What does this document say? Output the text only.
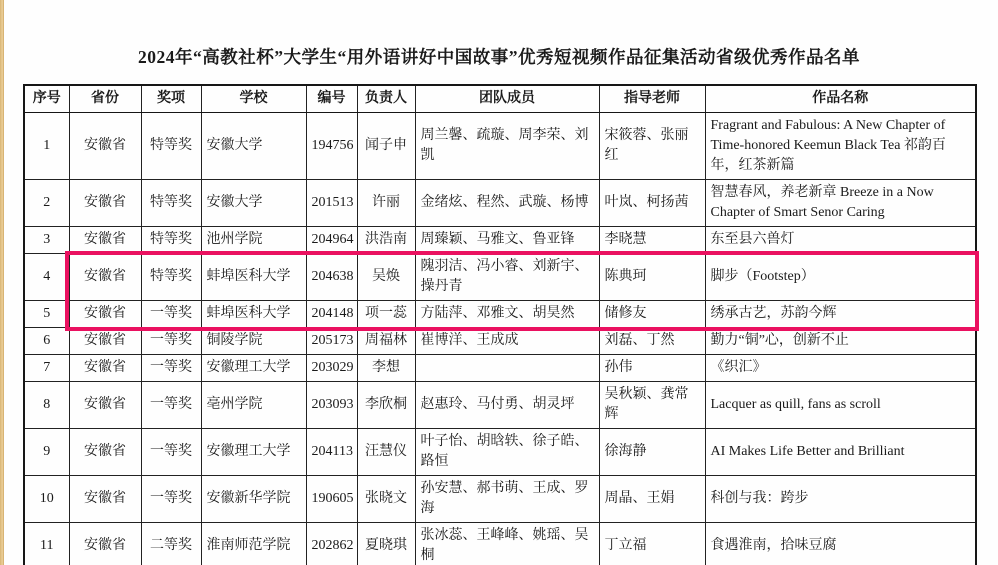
2024年“高教社杯”大学生“用外语讲好中国故事”优秀短视频作品征集活动省级优秀作品名单
序号	省份	奖项	学校	编号	负责人	团队成员	指导老师	作品名称
1	安徽省	特等奖	安徽大学	194756	闻子申	周兰馨、疏璇、周李荣、刘凯	宋筱蓉、张丽红	Fragrant and Fabulous: A New Chapter of Time-honored Keemun Black Tea 祁韵百年，红茶新篇
2	安徽省	特等奖	安徽大学	201513	许丽	金绪炫、程然、武璇、杨博	叶岚、柯扬茜	智慧春风，养老新章 Breeze in a Now Chapter of Smart Senor Caring
3	安徽省	特等奖	池州学院	204964	洪浩南	周臻颖、马雅文、鲁亚锋	李晓慧	东至县六兽灯
4	安徽省	特等奖	蚌埠医科大学	204638	吴焕	隗羽洁、冯小睿、刘新宇、操丹青	陈典珂	脚步（Footstep）
5	安徽省	一等奖	蚌埠医科大学	204148	项一蕊	方陆萍、邓雅文、胡昊然	储修友	绣承古艺，苏韵今辉
6	安徽省	一等奖	铜陵学院	205173	周福林	崔博洋、王成成	刘磊、丁然	勤力“铜”心，创新不止
7	安徽省	一等奖	安徽理工大学	203029	李想		孙伟	《织汇》
8	安徽省	一等奖	亳州学院	203093	李欣桐	赵惠玲、马付勇、胡灵坪	吴秋颖、龚常辉	Lacquer as quill, fans as scroll
9	安徽省	一等奖	安徽理工大学	204113	汪慧仪	叶子怡、胡晗轶、徐子皓、路恒	徐海静	AI Makes Life Better and Brilliant
10	安徽省	一等奖	安徽新华学院	190605	张晓文	孙安慧、郝书萌、王成、罗海	周晶、王娟	科创与我：跨步
11	安徽省	二等奖	淮南师范学院	202862	夏晓琪	张冰蕊、王峰峰、姚瑶、吴桐	丁立福	食遇淮南，拾味豆腐
